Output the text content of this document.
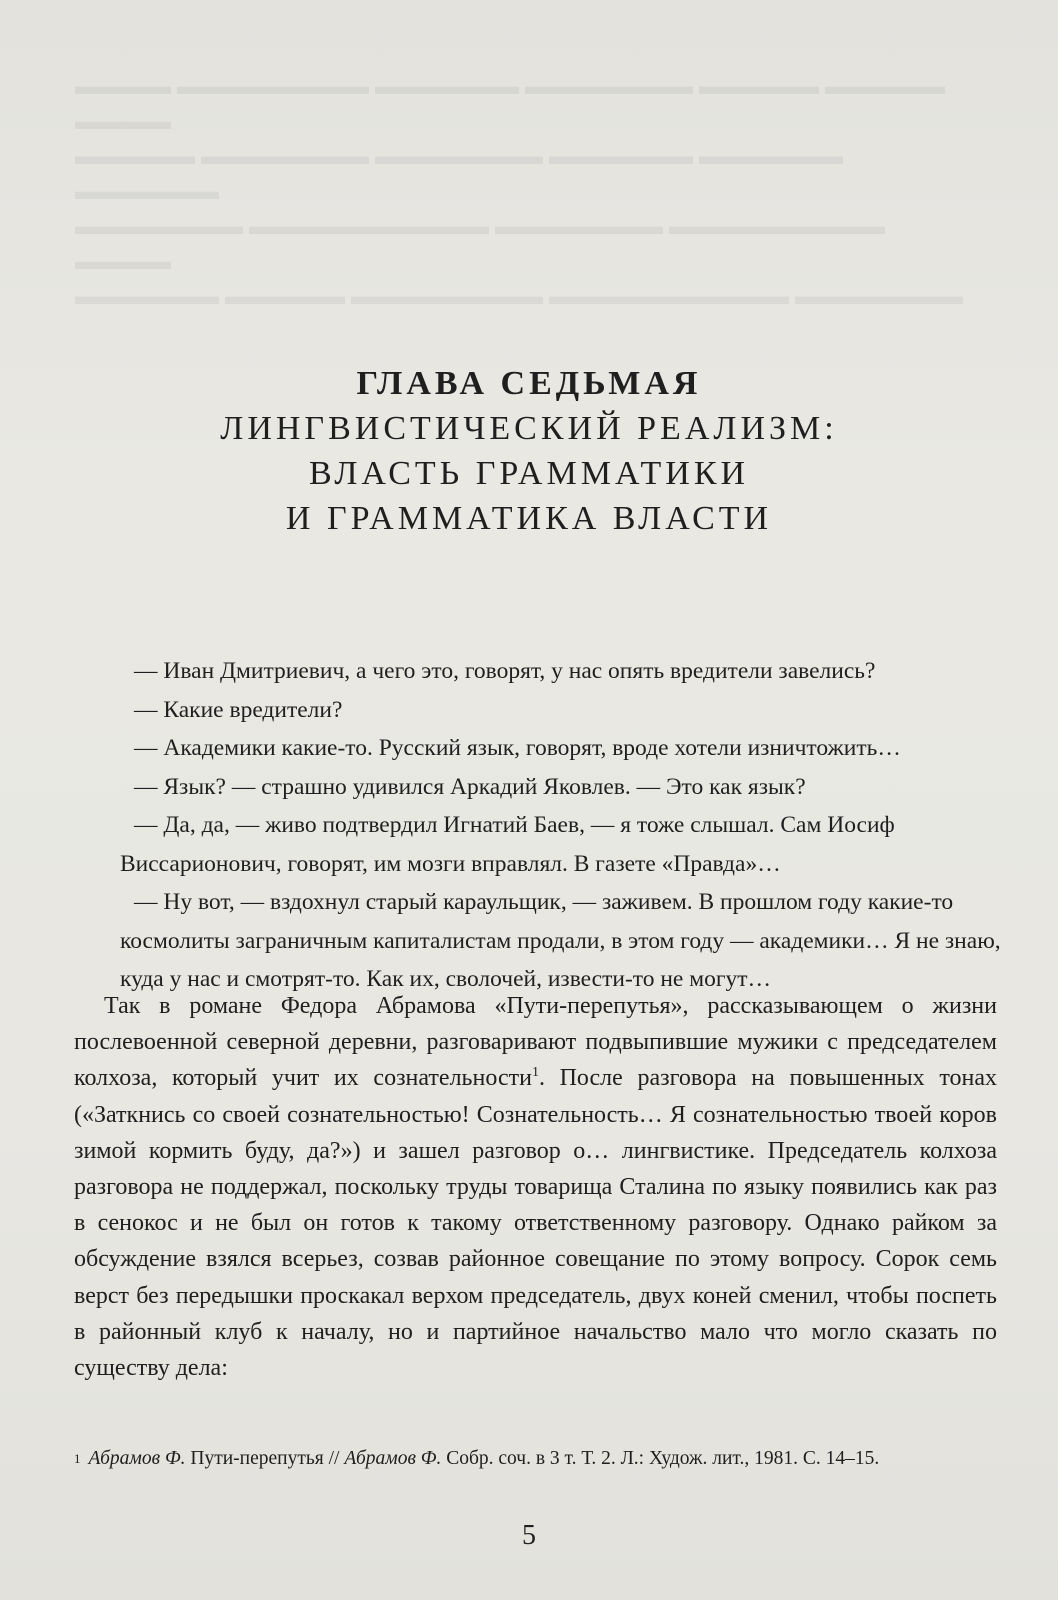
▬▬▬▬ ▬▬▬▬▬▬▬▬ ▬▬▬▬▬▬ ▬▬▬▬▬▬▬ ▬▬▬▬▬ ▬▬▬▬▬ ▬▬▬▬
▬▬▬▬▬ ▬▬▬▬▬▬▬ ▬▬▬▬▬▬▬ ▬▬▬▬▬▬ ▬▬▬▬▬▬ ▬▬▬▬▬▬
▬▬▬▬▬▬▬ ▬▬▬▬▬▬▬▬▬▬ ▬▬▬▬▬▬▬ ▬▬▬▬▬▬▬▬▬ ▬▬▬▬
▬▬▬▬▬▬ ▬▬▬▬▬ ▬▬▬▬▬▬▬▬ ▬▬▬▬▬▬▬▬▬▬ ▬▬▬▬▬▬▬
ГЛАВА СЕДЬМАЯ
ЛИНГВИСТИЧЕСКИЙ РЕАЛИЗМ:
ВЛАСТЬ ГРАММАТИКИ
И ГРАММАТИКА ВЛАСТИ

— Иван Дмитриевич, а чего это, говорят, у нас опять вредители завелись?

— Какие вредители?

— Академики какие-то. Русский язык, говорят, вроде хотели изничтожить…

— Язык? — страшно удивился Аркадий Яковлев. — Это как язык?

— Да, да, — живо подтвердил Игнатий Баев, — я тоже слышал. Сам Иосиф Виссарионович, говорят, им мозги вправлял. В газете «Правда»…

— Ну вот, — вздохнул старый караульщик, — заживем. В прошлом году какие-то космолиты заграничным капиталистам продали, в этом году — академики… Я не знаю, куда у нас и смотрят-то. Как их, сволочей, извести-то не могут…

Так в романе Федора Абрамова «Пути-перепутья», рассказывающем о жизни послевоенной северной деревни, разговаривают подвыпившие мужики с председателем колхоза, который учит их сознательности$^1$. После разговора на повышенных тонах («Заткнись со своей сознательностью! Сознательность… Я сознательностью твоей коров зимой кормить буду, да?») и зашел разговор о… лингвистике. Председатель колхоза разговора не поддержал, поскольку труды товарища Сталина по языку появились как раз в сенокос и не был он готов к такому ответственному разговору. Однако райком за обсуждение взялся всерьез, созвав районное совещание по этому вопросу. Сорок семь верст без передышки проскакал верхом председатель, двух коней сменил, чтобы поспеть в районный клуб к началу, но и партийное начальство мало что могло сказать по существу дела:

$^1$ Абрамов Ф. Пути-перепутья // Абрамов Ф. Собр. соч. в 3 т. Т. 2. Л.: Худож. лит., 1981. С. 14–15.
5
